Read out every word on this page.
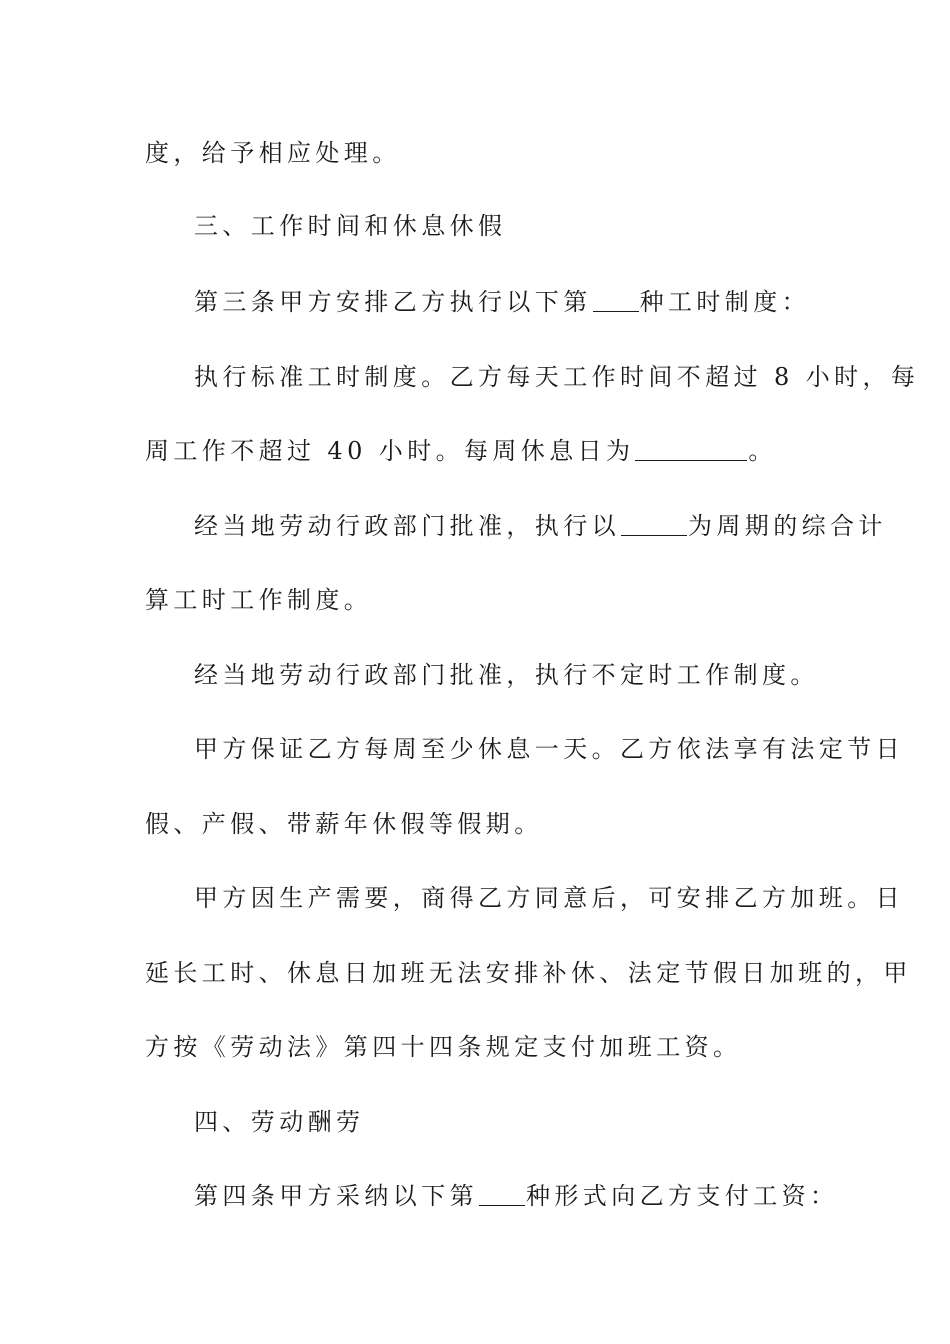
度，给予相应处理。
三、工作时间和休息休假
第三条甲方安排乙方执行以下第 种工时制度：
执行标准工时制度。乙方每天工作时间不超过 8 小时，每
周工作不超过 40 小时。每周休息日为	。
经当地劳动行政部门批准，执行以	为周期的综合计
算工时工作制度。
经当地劳动行政部门批准，执行不定时工作制度。
甲方保证乙方每周至少休息一天。乙方依法享有法定节日
假、产假、带薪年休假等假期。
甲方因生产需要，商得乙方同意后，可安排乙方加班。日
延长工时、休息日加班无法安排补休、法定节假日加班的，甲
方按《劳动法》第四十四条规定支付加班工资。
四、劳动酬劳
第四条甲方采纳以下第 种形式向乙方支付工资：
